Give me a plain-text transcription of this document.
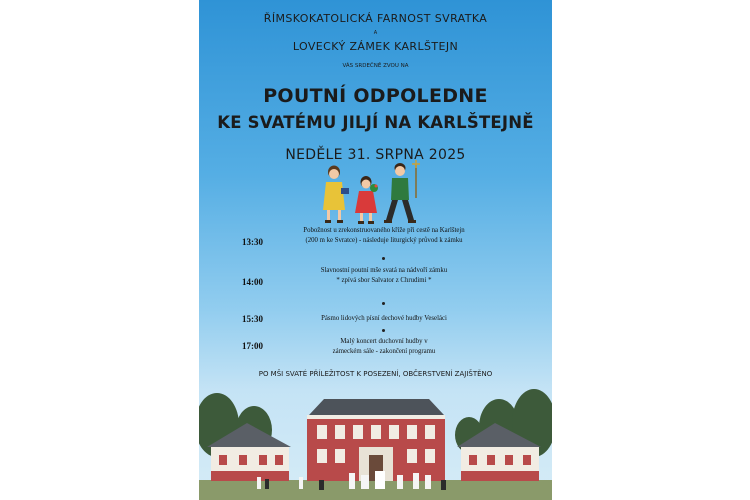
ŘÍMSKOKATOLICKÁ FARNOST SVRATKA
A
LOVECKÝ ZÁMEK KARLŠTEJN
VÁS SRDEČNĚ ZVOU NA
POUTNÍ ODPOLEDNE
KE SVATÉMU JILJÍ NA KARLŠTEJNĚ
NEDĚLE 31. SRPNA 2025
13:30
Pobožnost u zrekonstruovaného kříže při cestě na Karlštejn
(200 m ke Svratce) - následuje liturgický průvod k zámku
14:00
Slavnostní poutní mše svatá na nádvoří zámku
* zpívá sbor Salvator z Chrudimi *
15:30	Pásmo lidových písní dechové hudby Veseláci
17:00	Malý koncert duchovní hudby v
zámeckém sále - zakončení programu
PO MŠI SVATÉ PŘÍLEŽITOST K POSEZENÍ, OBČERSTVENÍ ZAJIŠTĚNO
